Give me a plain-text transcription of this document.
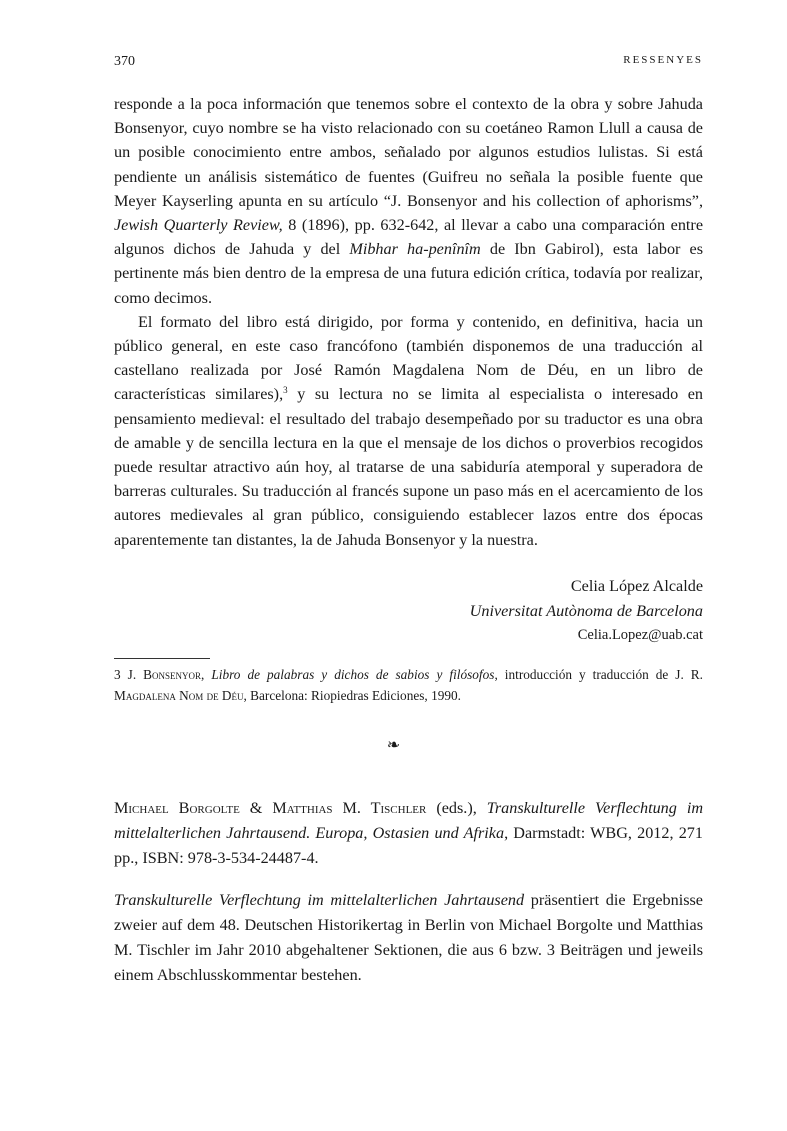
370	RESSENYES

responde a la poca información que tenemos sobre el contexto de la obra y sobre Jahuda Bonsenyor, cuyo nombre se ha visto relacionado con su coetáneo Ramon Llull a causa de un posible conocimiento entre ambos, señalado por algunos estudios lulistas. Si está pendiente un análisis sistemático de fuentes (Guifreu no señala la posible fuente que Meyer Kayserling apunta en su artículo “J. Bonsenyor and his collection of aphorisms”, Jewish Quarterly Review, 8 (1896), pp. 632-642, al llevar a cabo una comparación entre algunos dichos de Jahuda y del Mibhar ha-penînîm de Ibn Gabirol), esta labor es pertinente más bien dentro de la empresa de una futura edición crítica, todavía por realizar, como decimos.

El formato del libro está dirigido, por forma y contenido, en definitiva, hacia un público general, en este caso francófono (también disponemos de una traducción al castellano realizada por José Ramón Magdalena Nom de Déu, en un libro de características similares),$^3$ y su lectura no se limita al especialista o interesado en pensamiento medieval: el resultado del trabajo desempeñado por su traductor es una obra de amable y de sencilla lectura en la que el mensaje de los dichos o proverbios recogidos puede resultar atractivo aún hoy, al tratarse de una sabiduría atemporal y superadora de barreras culturales. Su traducción al francés supone un paso más en el acercamiento de los autores medievales al gran público, consiguiendo establecer lazos entre dos épocas aparentemente tan distantes, la de Jahuda Bonsenyor y la nuestra.

Celia López Alcalde
Universitat Autònoma de Barcelona
Celia.Lopez@uab.cat
3 J. Bonsenyor, Libro de palabras y dichos de sabios y filósofos, introducción y traducción de J. R. Magdalena Nom de Déu, Barcelona: Riopiedras Ediciones, 1990.
❧
Michael Borgolte & Matthias M. Tischler (eds.), Transkulturelle Verflechtung im mittelalterlichen Jahrtausend. Europa, Ostasien und Afrika, Darmstadt: WBG, 2012, 271 pp., ISBN: 978-3-534-24487-4.

Transkulturelle Verflechtung im mittelalterlichen Jahrtausend präsentiert die Ergebnisse zweier auf dem 48. Deutschen Historikertag in Berlin von Michael Borgolte und Matthias M. Tischler im Jahr 2010 abgehaltener Sektionen, die aus 6 bzw. 3 Beiträgen und jeweils einem Abschlusskommentar bestehen.
